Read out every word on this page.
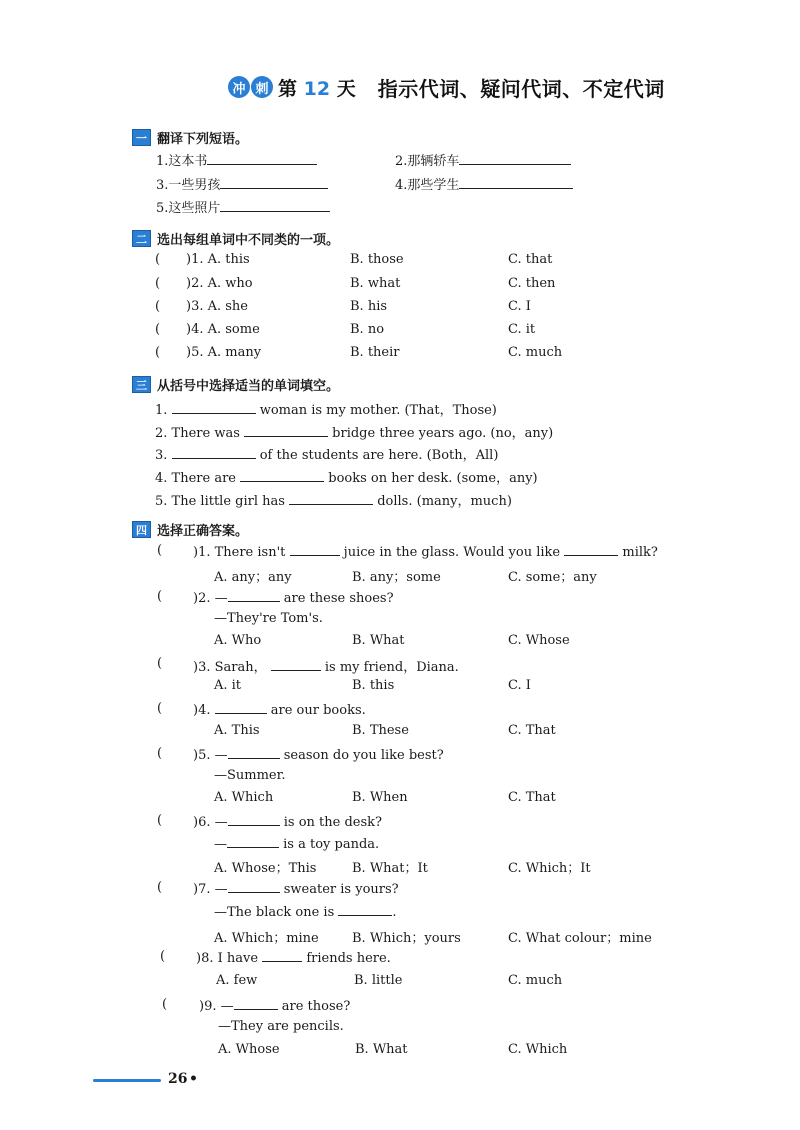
冲 刺 第 12 天 指示代词、疑问代词、不定代词
一 翻译下列短语。
1.这本书	2.那辆轿车
3.一些男孩	4.那些学生
5.这些照片
二 选出每组单词中不同类的一项。
( )1. A. this	B. those	C. that
( )2. A. who	B. what	C. then
( )3. A. she	B. his	C. I
( )4. A. some	B. no	C. it
( )5. A. many	B. their	C. much
三 从括号中选择适当的单词填空。
1.	woman is my mother. (That，Those)
2. There was	bridge three years ago. (no，any)
3.	of the students are here. (Both，All)
4. There are	books on her desk. (some，any)
5. The little girl has	dolls. (many，much)
四 选择正确答案。
( )1. There isn't	juice in the glass. Would you like	milk?
A. any；any	B. any；some	C. some；any
( )2. —	are these shoes?
—They're Tom's.
A. Who	B. What	C. Whose
( )3. Sarah，	is my friend，Diana.
A. it	B. this	C. I
( )4.	are our books.
A. This	B. These	C. That
( )5. —	season do you like best?
—Summer.
A. Which	B. When	C. That
( )6. —	is on the desk?
—	is a toy panda.
A. Whose；This	B. What；It	C. Which；It
( )7. —	sweater is yours?
—The black one is	.
A. Which；mine	B. Which；yours	C. What colour；mine
( )8. I have	friends here.
A. few	B. little	C. much
( )9. —	are those?
—They are pencils.
A. Whose	B. What	C. Which
26 •
